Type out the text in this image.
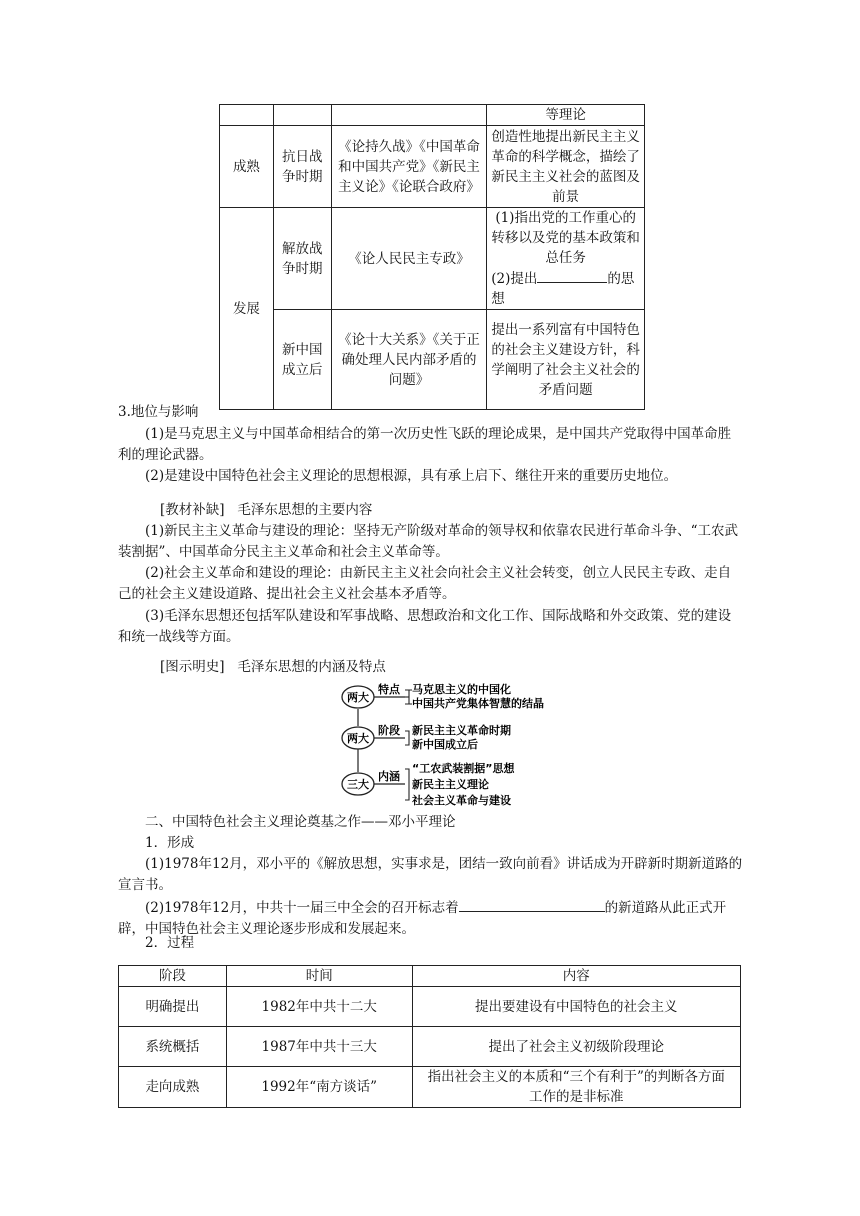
			等理论
成熟	抗日战争时期	《论持久战》《中国革命和中国共产党》《新民主主义论》《论联合政府》	创造性地提出新民主主义革命的科学概念，描绘了新民主主义社会的蓝图及前景
发展	解放战争时期	《论人民民主专政》	(1)指出党的工作重心的转移以及党的基本政策和总任务
(2)提出 的思想

	新中国成立后	《论十大关系》《关于正确处理人民内部矛盾的问题》	提出一系列富有中国特色的社会主义建设方针，科学阐明了社会主义社会的矛盾问题
3.地位与影响
(1)是马克思主义与中国革命相结合的第一次历史性飞跃的理论成果，是中国共产党取得中国革命胜利的理论武器。
(2)是建设中国特色社会主义理论的思想根源，具有承上启下、继往开来的重要历史地位。
[教材补缺] 毛泽东思想的主要内容
(1)新民主主义革命与建设的理论：坚持无产阶级对革命的领导权和依靠农民进行革命斗争、“工农武装割据”、中国革命分民主主义革命和社会主义革命等。
(2)社会主义革命和建设的理论：由新民主主义社会向社会主义社会转变，创立人民民主专政、走自己的社会主义建设道路、提出社会主义社会基本矛盾等。
(3)毛泽东思想还包括军队建设和军事战略、思想政治和文化工作、国际战略和外交政策、党的建设和统一战线等方面。
[图示明史] 毛泽东思想的内涵及特点
两大
特点 马克思主义的中国化
中国共产党集体智慧的结晶
两大
阶段 新民主主义革命时期
新中国成立后
三大
内涵
“工农武装割据”思想
新民主主义理论
社会主义革命与建设
二、中国特色社会主义理论奠基之作——邓小平理论
1．形成
(1)1978年12月，邓小平的《解放思想，实事求是，团结一致向前看》讲话成为开辟新时期新道路的宣言书。
(2)1978年12月，中共十一届三中全会的召开标志着	的新道路从此正式开辟，中国特色社会主义理论逐步形成和发展起来。
2．过程
阶段	时间	内容
明确提出	1982年中共十二大	提出要建设有中国特色的社会主义
系统概括	1987年中共十三大	提出了社会主义初级阶段理论
走向成熟	1992年“南方谈话”	指出社会主义的本质和“三个有利于”的判断各方面工作的是非标准
